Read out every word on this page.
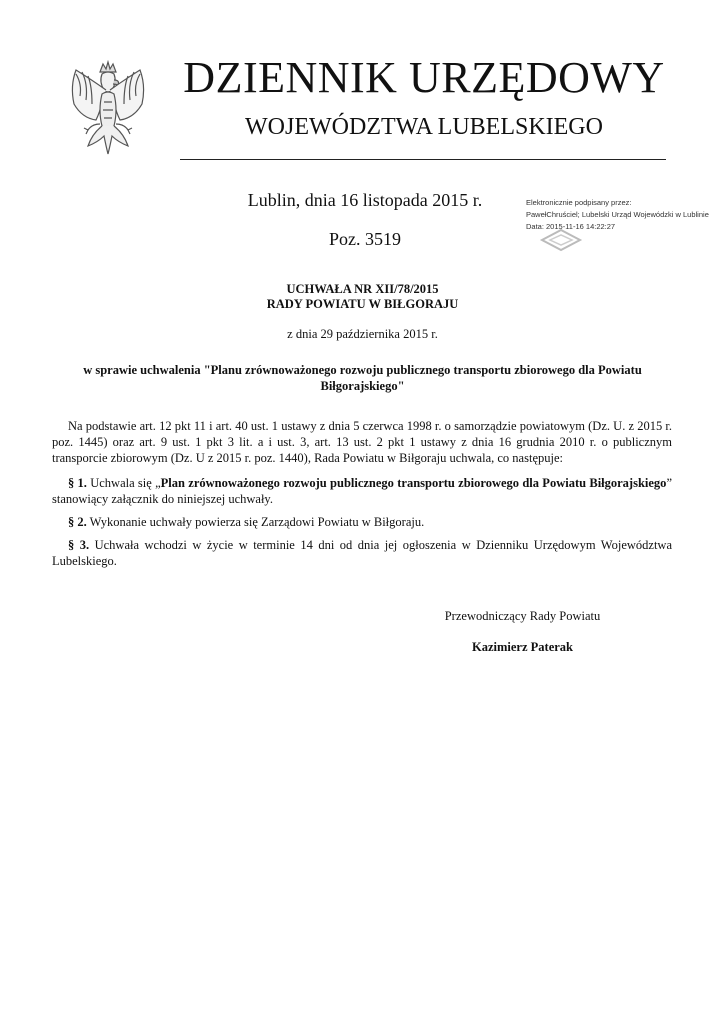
DZIENNIK URZĘDOWY
WOJEWÓDZTWA LUBELSKIEGO
Lublin, dnia 16 listopada 2015 r.
Poz. 3519
Elektronicznie podpisany przez:
PawełChruściel; Lubelski Urząd Wojewódzki w Lublinie
Data: 2015-11-16 14:22:27
UCHWAŁA NR XII/78/2015
RADY POWIATU W BIŁGORAJU
z dnia 29 października 2015 r.
w sprawie uchwalenia "Planu zrównoważonego rozwoju publicznego transportu zbiorowego dla Powiatu Biłgorajskiego"

Na podstawie art. 12 pkt 11 i art. 40 ust. 1 ustawy z dnia 5 czerwca 1998 r. o samorządzie powiatowym (Dz. U. z 2015 r. poz. 1445) oraz art. 9 ust. 1 pkt 3 lit. a i ust. 3, art. 13 ust. 2 pkt 1 ustawy z dnia 16 grudnia 2010 r. o publicznym transporcie zbiorowym (Dz. U z 2015 r. poz. 1440), Rada Powiatu w Biłgoraju uchwala, co następuje:

§ 1. Uchwala się „Plan zrównoważonego rozwoju publicznego transportu zbiorowego dla Powiatu Biłgorajskiego” stanowiący załącznik do niniejszej uchwały.

§ 2. Wykonanie uchwały powierza się Zarządowi Powiatu w Biłgoraju.

§ 3. Uchwała wchodzi w życie w terminie 14 dni od dnia jej ogłoszenia w Dzienniku Urzędowym Województwa Lubelskiego.

Przewodniczący Rady Powiatu
Kazimierz Paterak
